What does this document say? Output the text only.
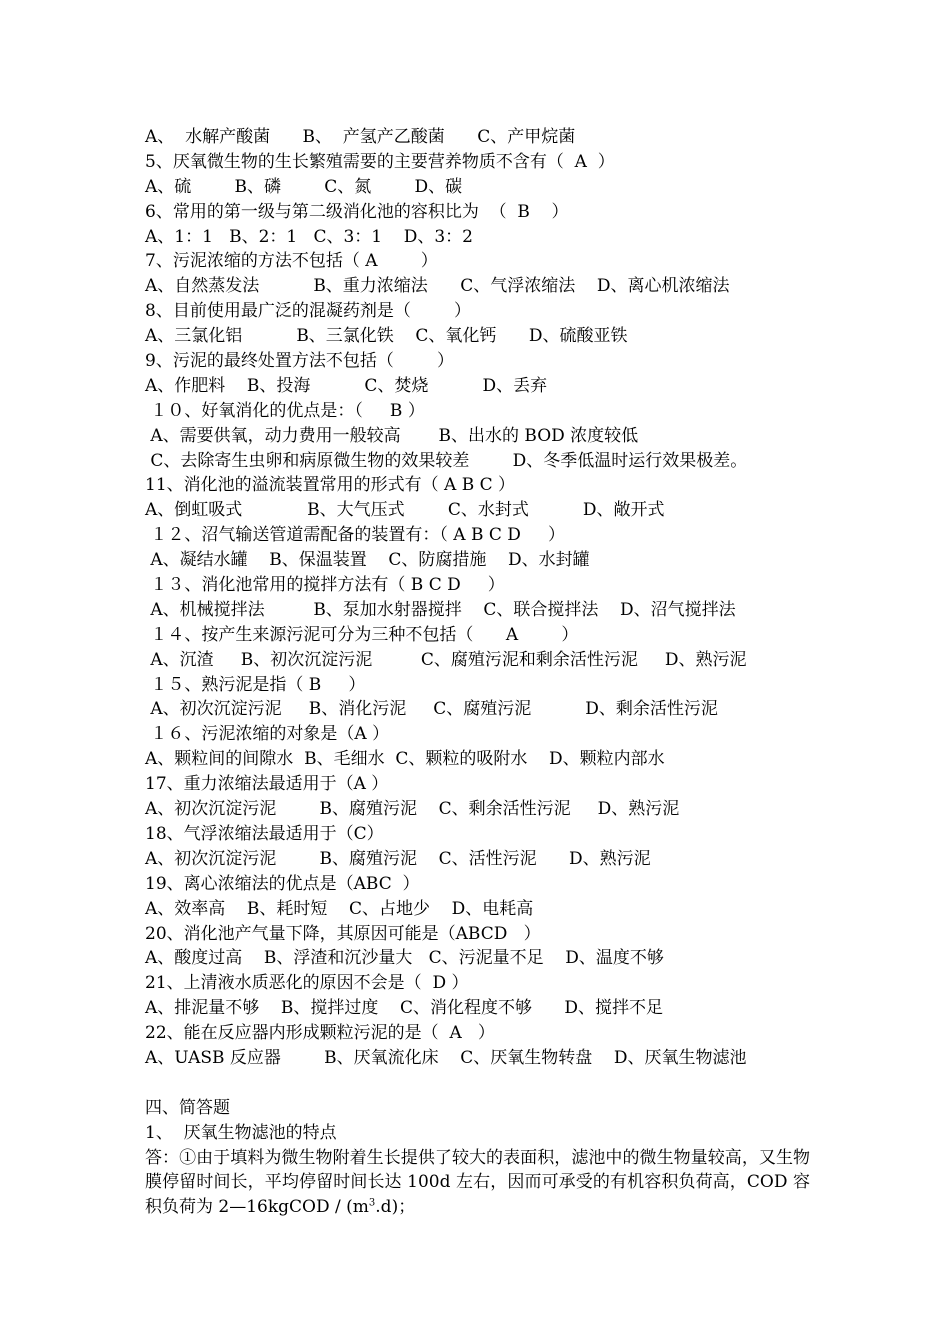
A、  水解产酸菌      B、  产氢产乙酸菌      C、产甲烷菌
5、厌氧微生物的生长繁殖需要的主要营养物质不含有（  A  ）
A、硫        B、磷        C、氮        D、碳
6、常用的第一级与第二级消化池的容积比为  （  B    ）
A、1：1   B、2：1   C、3：1    D、3：2
7、污泥浓缩的方法不包括（ A        ）
A、自然蒸发法          B、重力浓缩法      C、气浮浓缩法    D、离心机浓缩法
8、目前使用最广泛的混凝药剂是（        ）
A、三氯化铝          B、三氯化铁    C、氧化钙      D、硫酸亚铁
9、污泥的最终处置方法不包括（        ）
A、作肥料    B、投海          C、焚烧          D、丢弃
１０、好氧消化的优点是：（     B ）
A、需要供氧，动力费用一般较高       B、出水的 BOD 浓度较低
C、去除寄生虫卵和病原微生物的效果较差        D、冬季低温时运行效果极差。
11、消化池的溢流装置常用的形式有（ A B C ）
A、倒虹吸式            B、大气压式        C、水封式          D、敞开式
１２、沼气输送管道需配备的装置有：（ A B C D     ）
A、凝结水罐    B、保温装置    C、防腐措施    D、水封罐
１３、消化池常用的搅拌方法有（ B C D     ）
A、机械搅拌法         B、泵加水射器搅拌    C、联合搅拌法    D、沼气搅拌法
１４、按产生来源污泥可分为三种不包括（      A        ）
A、沉渣     B、初次沉淀污泥         C、腐殖污泥和剩余活性污泥     D、熟污泥
１５、熟污泥是指（ B     ）
A、初次沉淀污泥     B、消化污泥     C、腐殖污泥          D、剩余活性污泥
１６、污泥浓缩的对象是（A ）
A、颗粒间的间隙水  B、毛细水  C、颗粒的吸附水    D、颗粒内部水
17、重力浓缩法最适用于（A ）
A、初次沉淀污泥        B、腐殖污泥    C、剩余活性污泥     D、熟污泥
18、气浮浓缩法最适用于（C）
A、初次沉淀污泥        B、腐殖污泥    C、活性污泥      D、熟污泥
19、离心浓缩法的优点是（ABC  ）
A、效率高    B、耗时短    C、占地少    D、电耗高
20、消化池产气量下降，其原因可能是（ABCD   ）
A、酸度过高    B、浮渣和沉沙量大   C、污泥量不足    D、温度不够
21、上清液水质恶化的原因不会是（  D ）
A、排泥量不够    B、搅拌过度    C、消化程度不够      D、搅拌不足
22、能在反应器内形成颗粒污泥的是（  A   ）
A、UASB 反应器        B、厌氧流化床    C、厌氧生物转盘    D、厌氧生物滤池
四、简答题
1、  厌氧生物滤池的特点
答：①由于填料为微生物附着生长提供了较大的表面积，滤池中的微生物量较高，又生物膜停留时间长，平均停留时间长达 100d 左右，因而可承受的有机容积负荷高，COD 容积负荷为 2—16kgCOD / $(m^3.d)$；
